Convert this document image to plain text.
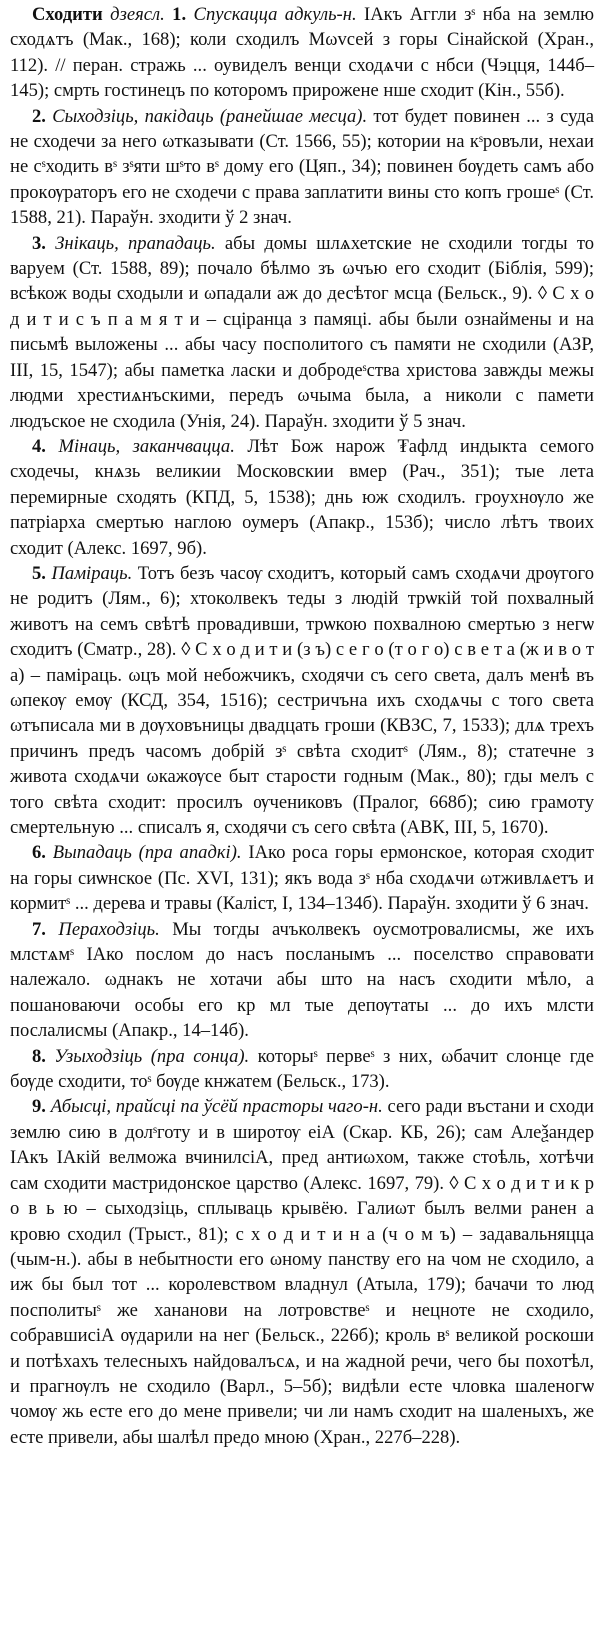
Сходити дзеясл. 1. Спускацца адкуль-н. ІАкъ Аггли зˢ нба на землю сходѧтъ (Мак., 168); коли сходилъ Мωvсей з горы Сінайской (Хран., 112). // перан. стражь ... оувиделъ венци сходѧчи с нбси (Чэцця, 144б–145); смрть гостинецъ по которомъ прироженe нше сходит (Кін., 55б).

2. Сыходзіць, пакідаць (ранейшае месца). тот будет повинен ... з суда не сходечи за него ωтказывати (Ст. 1566, 55); котории на кˢровъли, нехаи не сˢходить вˢ зˢяти шˢто вˢ дому его (Цяп., 34); повинен бѹдеть самъ або прокѹраторъ его не сходечи с права заплатити вины сто копъ грошеˢ (Ст. 1588, 21). Параўн. зходити ў 2 знач.

3. Знікаць, прападаць. абы домы шлѧхетские не сходили тогды то варуем (Ст. 1588, 89); почало бѣлмо зъ ωчъю его сходит (Біблія, 599); всѣкож воды сходыли и ωпадали аж до десѣтог мсца (Бельск., 9). ◊ С х о д и т и с ъ п а м я т и – сціранца з памяці. абы были ознаймены и на письмѣ выложены ... абы часу посполитого съ памяти не сходили (АЗР, III, 15, 1547); абы паметка ласки и добродеˢства христова завжды межы людми хрестиѧнъскими, передъ ωчыма была, а николи с памети людъское не сходила (Унія, 24). Параўн. зходити ў 5 знач.

4. Мінаць, заканчвацца. Лѣт Бож нарож ₮афлд индыкта семого сходечы, кнѧзь великии Московскии вмер (Рач., 351); тые лета перемирные сходять (КПД, 5, 1538); днь юж сходилъ. гроухнѹло же патріарха смертью наглою оумеръ (Апакр., 153б); число лѣтъ твоих сходит (Алекс. 1697, 9б).

5. Паміраць. Тотъ безъ часѹ сходитъ, который самъ сходѧчи дрѹгого не родитъ (Лям., 6); хтоколвекъ теды з людій трѡкій той похвалный животъ на семъ свѣтѣ провадивши, трѡкою похвалною смертью з негѡ сходитъ (Сматр., 28). ◊ С х о д и т и (з ъ) с е г о (т о г о) с в е т а (ж и в о т а) – паміраць. ωцъ мой небожчикъ, сходячи съ сего света, далъ менѣ въ ωпекѹ емѹ (КСД, 354, 1516); сестричъна ихъ сходѧчы с того света ωтъписала ми в дѹховъницы двадцать гроши (КВЗС, 7, 1533); длѧ трехъ причинъ предъ часомъ добрій зˢ свѣта сходитˢ (Лям., 8); статечне з живота сходѧчи ωкажѹсе быт старости годным (Мак., 80); гды мелъ с того свѣта сходит: просилъ ѹчениковъ (Пралог, 668б); сию грамоту смертельную ... списалъ я, сходячи съ сего свѣта (АВК, III, 5, 1670).

6. Выпадаць (пра ападкі). ІАко роса горы ермонское, которая сходит на горы сиѡнское (Пс. XVI, 131); якъ вода зˢ нба сходѧчи ωтживлѧетъ и кормитˢ ... дерева и травы (Каліст, I, 134–134б). Параўн. зходити ў 6 знач.

7. Пераходзіць. Мы тогды ачъколвекъ оусмотровалисмы, же ихъ млстѧмˢ ІАко послом до насъ посланымъ ... поселство справовати належало. ωднакъ не хотачи абы што на насъ сходити мѣло, а пошановаючи особы его кр мл тые депѹтаты ... до ихъ млсти послалисмы (Апакр., 14–14б).

8. Узыходзіць (пра сонца). которыˢ первеˢ з них, ωбачит слонце где бѹде сходити, тоˢ бѹде кнжатем (Бельск., 173).

9. Абысці, прайсці па ўсёй прасторы чаго-н. сего ради въстани и сходи землю сию в долˢготу и в широтѹ еіА (Скар. КБ, 26); сам Алеѯандер ІАкъ ІАкій велможа вчинилсіА, пред антиωхом, также стоѣль, хотѣчи сам сходити мастридонское царство (Алекс. 1697, 79). ◊ С х о д и т и к р о в ь ю – сыходзіць, сплываць крывёю. Галиωт былъ велми ранен а кровю сходил (Трыст., 81); с х о д и т и н а (ч о м ъ) – задавальняцца (чым-н.). абы в небытности его ωному панству его на чом не сходило, а иж бы был тот ... королевством владнул (Атыла, 179); бачачи то люд посполитыˢ же хананови на лотровствеˢ и нецноте не сходило, собравшисіА ѹдарили на нег (Бельск., 226б); кроль вˢ великой роскоши и потѣхахъ телесныхъ найдовалъсѧ, и на жадной речи, чего бы похотѣл, и прагнѹлъ не сходило (Варл., 5–5б); видѣли есте чловка шаленогѡ чомѹ жь есте его до мене привели; чи ли намъ сходит на шаленыхъ, же есте привели, абы шалѣл предо мною (Хран., 227б–228).
